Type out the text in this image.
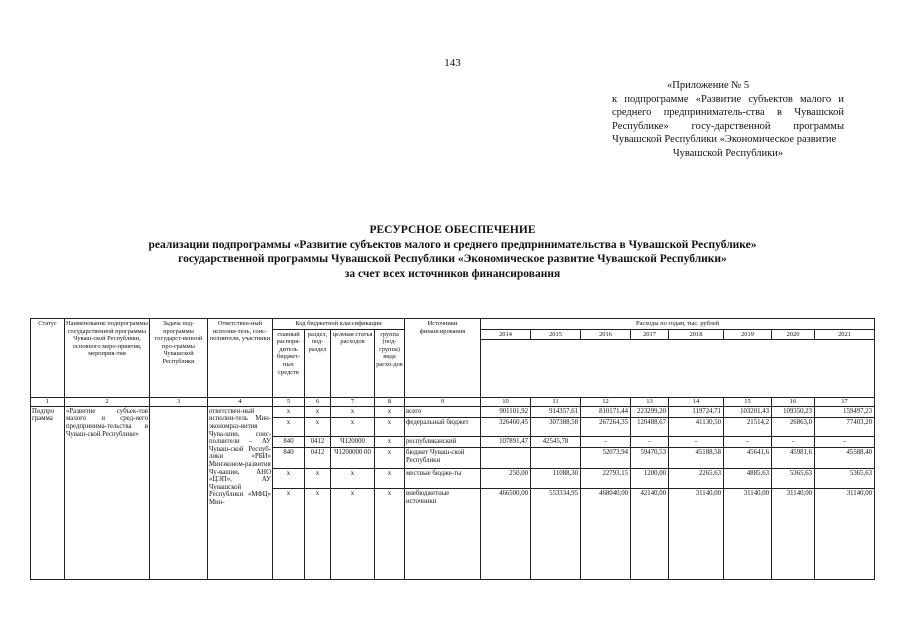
143
«Приложение № 5
к подпрограмме «Развитие субъектов малого и среднего предприниматель-ства в Чувашской Республике» госу-дарственной программы Чувашской Республики «Экономическое развитие
Чувашской Республики»
РЕСУРСНОЕ ОБЕСПЕЧЕНИЕ
реализации подпрограммы «Развитие субъектов малого и среднего предпринимательства в Чувашской Республике»
государственной программы Чувашской Республики «Экономическое развитие Чувашской Республики»
за счет всех источников финансирования
Статус	Наименование подпрограммы государственной программы Чуваш-ской Республики, основного меро-приятия, мероприя-тия	Задача под-программы государст-венной про-граммы Чувашской Республики	Ответствен-ный исполни-тель, соис-полнители, участники	Код бюджетной классификации				Источники финансирования	Расходы по годам, тыс. рублей							
				главный распоря-дитель бюджет-ных средств	раздел, под-раздел	целевая статья расходов	группа (под-группа) вида расхо-дов		2014	2015	2016	2017	2018	2019	2020	2021

1	2	3	4	5	6	7	8	9	10	11	12	13	14	15	16	17
Подпро грамма	«Развитие субъек-тов малого и сред-него предпринима-тельства в Чуваш-ской Республике»		ответствен-ный исполни-тель Мин-экономраз-вития Чува-шии, соис-полнители – АУ Чуваш-ской Респуб-лики «РБИ» Минэконом-развития Чу-вашии, АНО «ЦЭП», АУ Чувашской Республики «МФЦ» Мин-	x	x	x	x	всего	901101,92	914357,61	810171,44	223299,20	119724,71	103201,43	109350,23	159497,23
				x	x	x	x	федеральный бюджет	326460,45	307388,58	267264,35	120488,67	41130,50	21514,2	26863,0	77403,20
				840	0412	Ч120000	x	республиканский	107891,47	42545,78	-	-	-	-	-	-
				840	0412	Ч1200000 00	x	бюджет Чуваш-ской Республики			52073,94	59470,53	45188,58	45641,6	45981,6	45588,40
				x	x	x	x	местные бюдже-ты	250,00	11088,30	22793,15	1200,00	2265,63	4885,63	5365,63	5365,63
				x	x	x	x	внебюджетные источники	466500,00	553334,95	468040,00	42140,00	31140,00	31140,00	31140,00	31140,00
